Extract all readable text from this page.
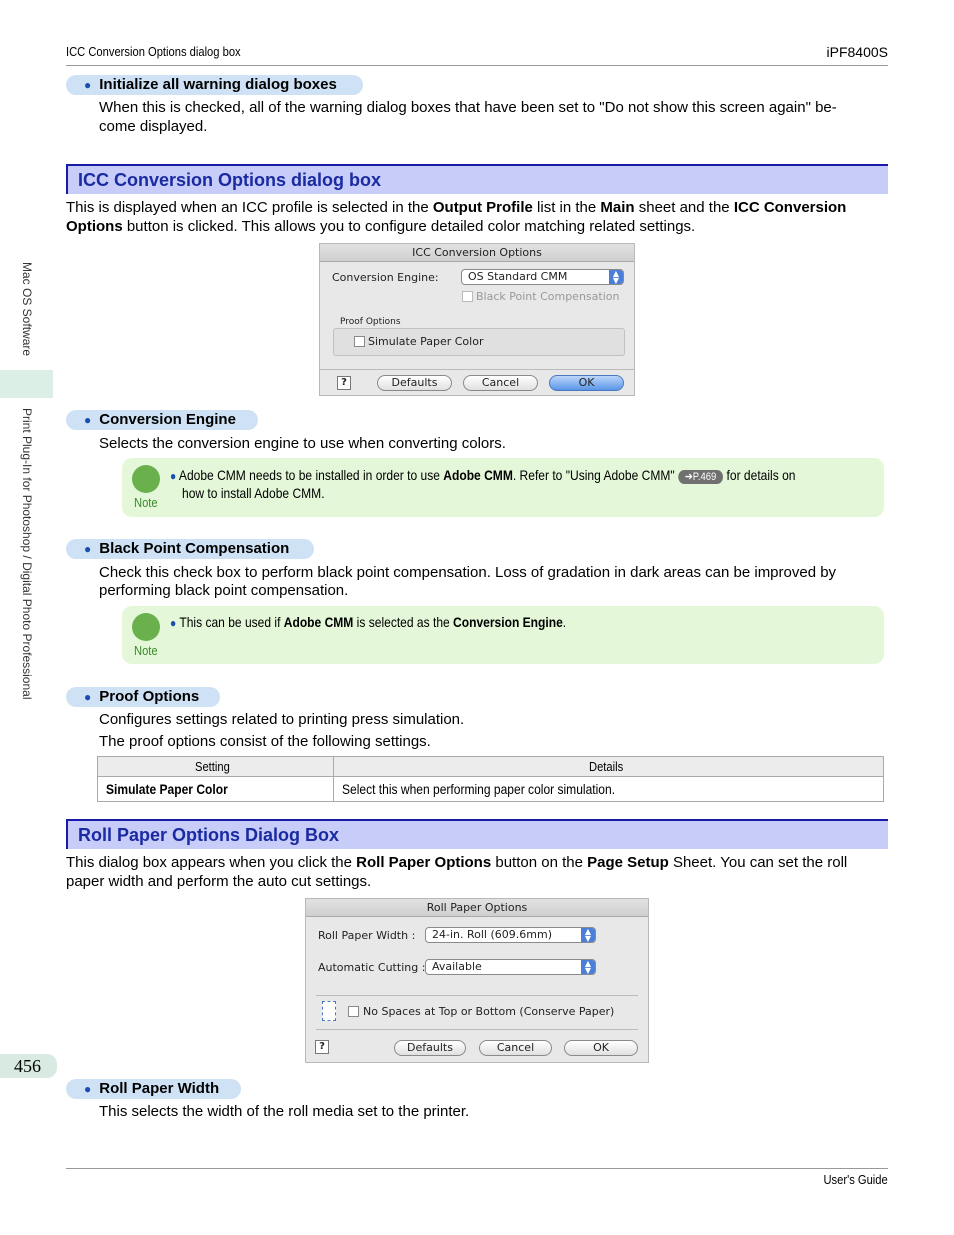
ICC Conversion Options dialog box	iPF8400S
User's Guide
Mac OS Software
Print Plug-In for Photoshop / Digital Photo Professional
456
● Initialize all warning dialog boxes
When this is checked, all of the warning dialog boxes that have been set to "Do not show this screen again" be-
come displayed.
ICC Conversion Options dialog box
This is displayed when an ICC profile is selected in the Output Profile list in the Main sheet and the ICC Conversion
Options button is clicked. This allows you to configure detailed color matching related settings.
ICC Conversion Options
Conversion Engine:	OS Standard CMM	▲
▼
Black Point Compensation
Proof Options
Simulate Paper Color
?	Defaults	Cancel	OK
● Conversion Engine
Selects the conversion engine to use when converting colors.
Note
● Adobe CMM needs to be installed in order to use Adobe CMM. Refer to "Using Adobe CMM" ➔P.469 for details on
how to install Adobe CMM.
● Black Point Compensation
Check this check box to perform black point compensation. Loss of gradation in dark areas can be improved by
performing black point compensation.
Note
● This can be used if Adobe CMM is selected as the Conversion Engine.
● Proof Options
Configures settings related to printing press simulation.
The proof options consist of the following settings.
Setting	Details
Simulate Paper Color	Select this when performing paper color simulation.
Roll Paper Options Dialog Box
This dialog box appears when you click the Roll Paper Options button on the Page Setup Sheet. You can set the roll
paper width and perform the auto cut settings.
Roll Paper Options
Roll Paper Width :	24-in. Roll (609.6mm)	▲
▼
Automatic Cutting : Available	▲
▼
No Spaces at Top or Bottom (Conserve Paper)
?	Defaults	Cancel	OK
● Roll Paper Width
This selects the width of the roll media set to the printer.
